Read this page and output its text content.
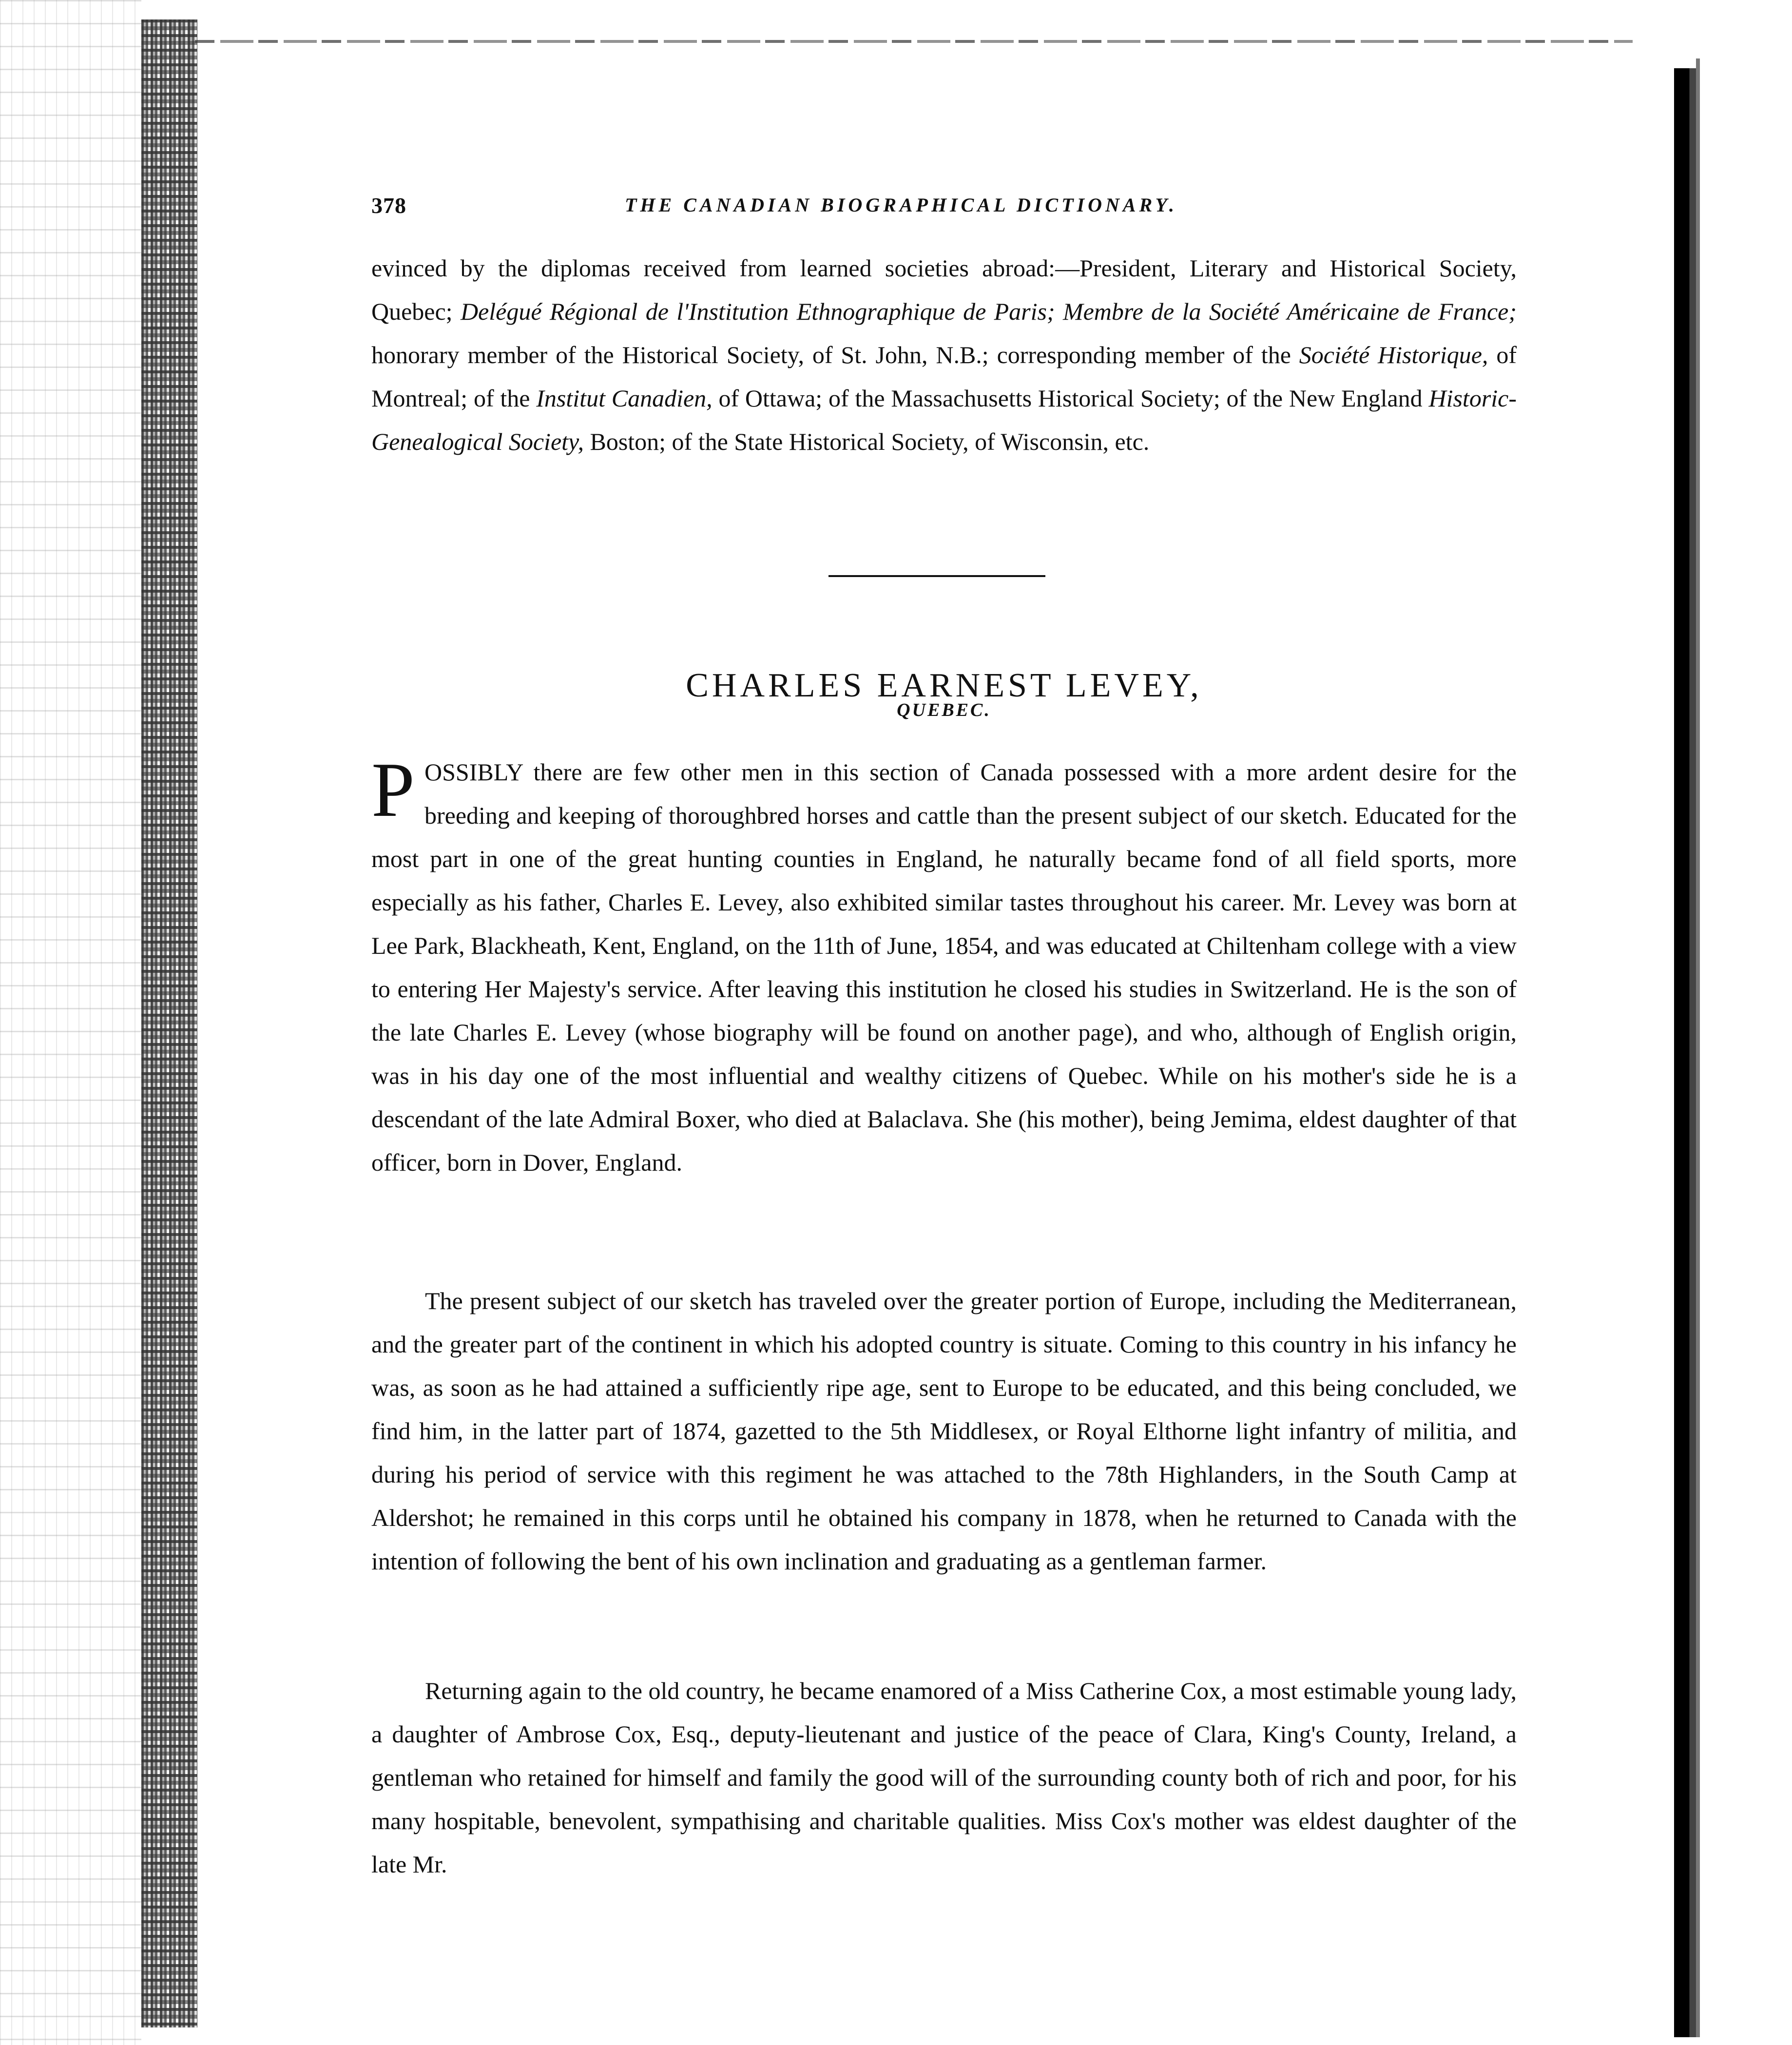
378	THE CANADIAN BIOGRAPHICAL DICTIONARY.

evinced by the diplomas received from learned societies abroad:—President, Literary and Historical Society, Quebec; Delégué Régional de l'Institution Ethnographique de Paris; Membre de la Société Américaine de France; honorary member of the Historical Society, of St. John, N.B.; corresponding member of the Société Historique, of Montreal; of the Institut Canadien, of Ottawa; of the Massachusetts Historical Society; of the New England Historic-Genealogical Society, Boston; of the State Historical Society, of Wisconsin, etc.

CHARLES EARNEST LEVEY,
QUEBEC.

POSSIBLY there are few other men in this section of Canada possessed with a more ardent desire for the breeding and keeping of thoroughbred horses and cattle than the present subject of our sketch. Educated for the most part in one of the great hunting counties in England, he naturally became fond of all field sports, more especially as his father, Charles E. Levey, also exhibited similar tastes throughout his career. Mr. Levey was born at Lee Park, Blackheath, Kent, England, on the 11th of June, 1854, and was educated at Chiltenham college with a view to entering Her Majesty's service. After leaving this institution he closed his studies in Switzerland. He is the son of the late Charles E. Levey (whose biography will be found on another page), and who, although of English origin, was in his day one of the most influential and wealthy citizens of Quebec. While on his mother's side he is a descendant of the late Admiral Boxer, who died at Balaclava. She (his mother), being Jemima, eldest daughter of that officer, born in Dover, England.

The present subject of our sketch has traveled over the greater portion of Europe, including the Mediterranean, and the greater part of the continent in which his adopted country is situate. Coming to this country in his infancy he was, as soon as he had attained a sufficiently ripe age, sent to Europe to be educated, and this being concluded, we find him, in the latter part of 1874, gazetted to the 5th Middlesex, or Royal Elthorne light infantry of militia, and during his period of service with this regiment he was attached to the 78th Highlanders, in the South Camp at Aldershot; he remained in this corps until he obtained his company in 1878, when he returned to Canada with the intention of following the bent of his own inclination and graduating as a gentleman farmer.

Returning again to the old country, he became enamored of a Miss Catherine Cox, a most estimable young lady, a daughter of Ambrose Cox, Esq., deputy-lieutenant and justice of the peace of Clara, King's County, Ireland, a gentleman who retained for himself and family the good will of the surrounding county both of rich and poor, for his many hospitable, benevolent, sympathising and charitable qualities. Miss Cox's mother was eldest daughter of the late Mr.
